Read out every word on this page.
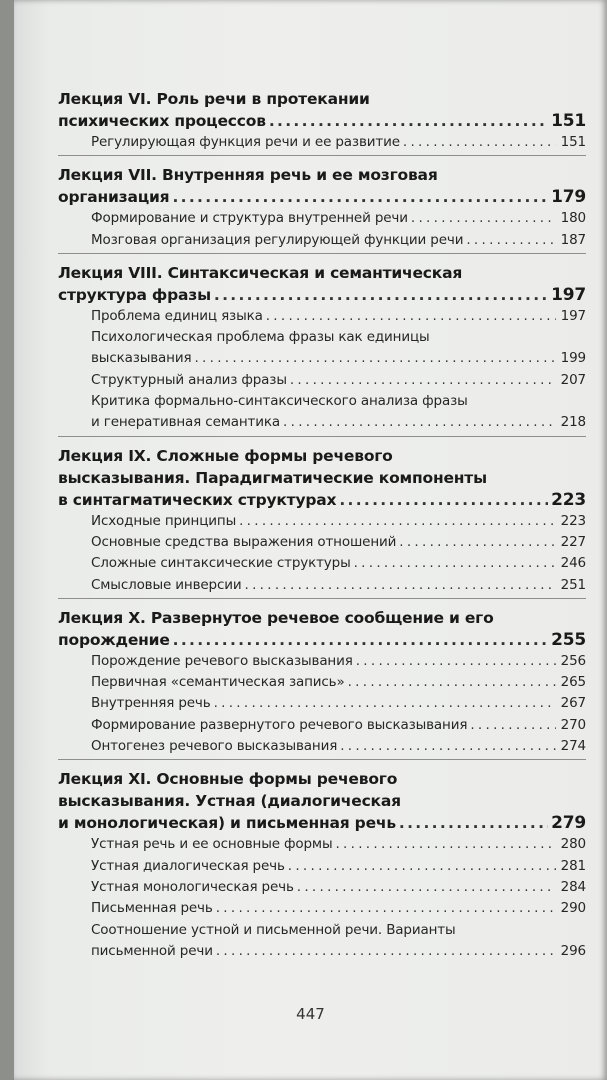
Лекция VI. Роль речи в протекании
психических процессов .....	151
Регулирующая функция речи и ее развитие . . .	151
Лекция VII. Внутренняя речь и ее мозговая
организация .....	179
Формирование и структура внутренней речи . . .	180
Мозговая организация регулирующей функции речи . . .	187
Лекция VIII. Синтаксическая и семантическая
структура фразы .....	197
Проблема единиц языка . . .	197
Психологическая проблема фразы как единицы
высказывания . . .	199
Структурный анализ фразы . . .	207
Критика формально-синтаксического анализа фразы
и генеративная семантика . . .	218
Лекция IX. Сложные формы речевого
высказывания. Парадигматические компоненты
в синтагматических структурах .....	223
Исходные принципы . . .	223
Основные средства выражения отношений . . .	227
Сложные синтаксические структуры . . .	246
Смысловые инверсии . . .	251
Лекция X. Развернутое речевое сообщение и его
порождение .....	255
Порождение речевого высказывания . . .	256
Первичная «семантическая запись» . . .	265
Внутренняя речь . . .	267
Формирование развернутого речевого высказывания . . .	270
Онтогенез речевого высказывания . . .	274
Лекция XI. Основные формы речевого
высказывания. Устная (диалогическая
и монологическая) и письменная речь .....	279
Устная речь и ее основные формы . . .	280
Устная диалогическая речь . . .	281
Устная монологическая речь . . .	284
Письменная речь . . .	290
Соотношение устной и письменной речи. Варианты
письменной речи . . .	296
447
